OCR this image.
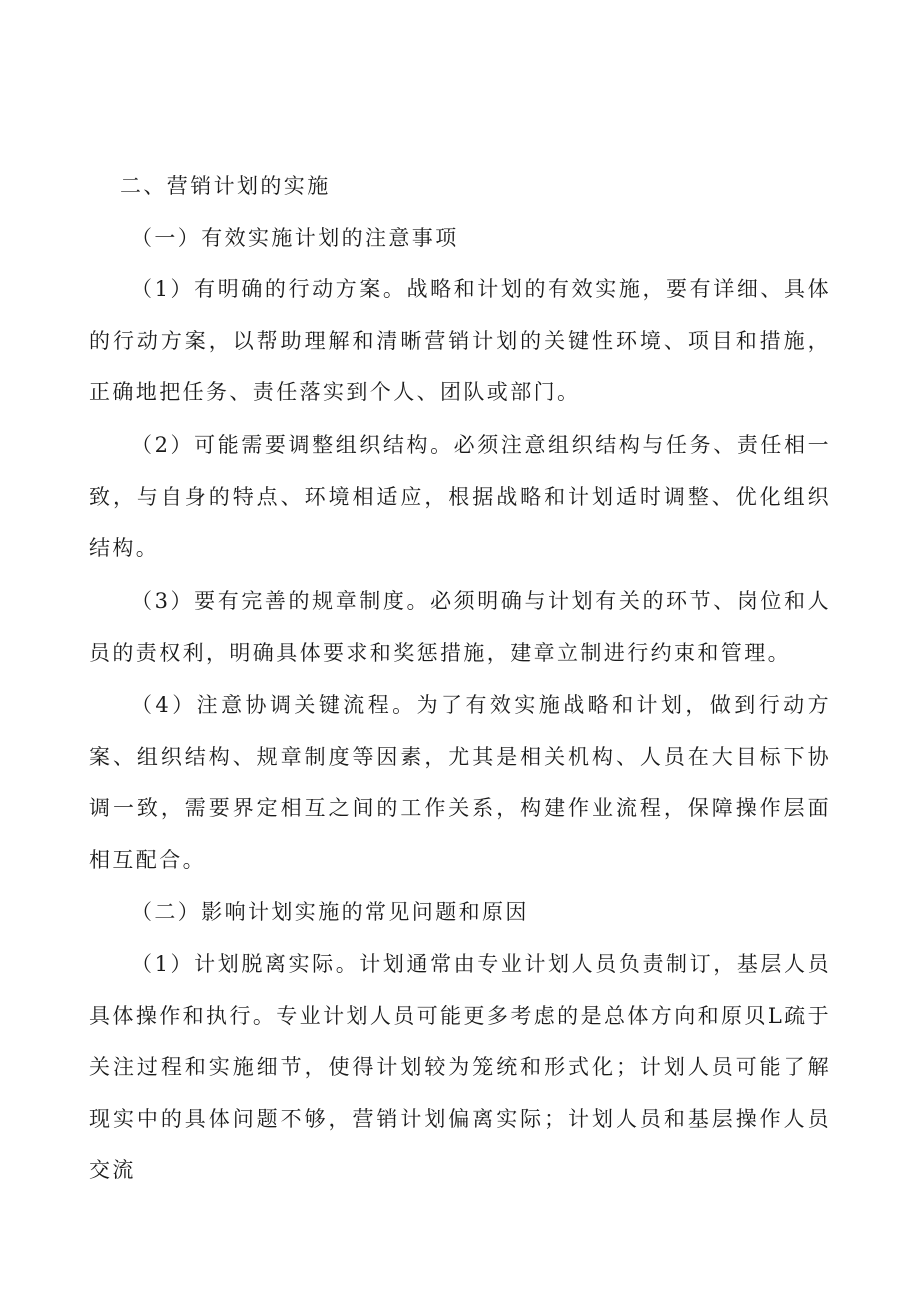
二、营销计划的实施
（一）有效实施计划的注意事项
（1）有明确的行动方案。战略和计划的有效实施，要有详细、具体的行动方案，以帮助理解和清晰营销计划的关键性环境、项目和措施，正确地把任务、责任落实到个人、团队或部门。
（2）可能需要调整组织结构。必须注意组织结构与任务、责任相一致，与自身的特点、环境相适应，根据战略和计划适时调整、优化组织结构。
（3）要有完善的规章制度。必须明确与计划有关的环节、岗位和人员的责权利，明确具体要求和奖惩措施，建章立制进行约束和管理。
（4）注意协调关键流程。为了有效实施战略和计划，做到行动方案、组织结构、规章制度等因素，尤其是相关机构、人员在大目标下协调一致，需要界定相互之间的工作关系，构建作业流程，保障操作层面相互配合。
（二）影响计划实施的常见问题和原因
（1）计划脱离实际。计划通常由专业计划人员负责制订，基层人员具体操作和执行。专业计划人员可能更多考虑的是总体方向和原贝L疏于关注过程和实施细节，使得计划较为笼统和形式化；计划人员可能了解现实中的具体问题不够，营销计划偏离实际；计划人员和基层操作人员交流
